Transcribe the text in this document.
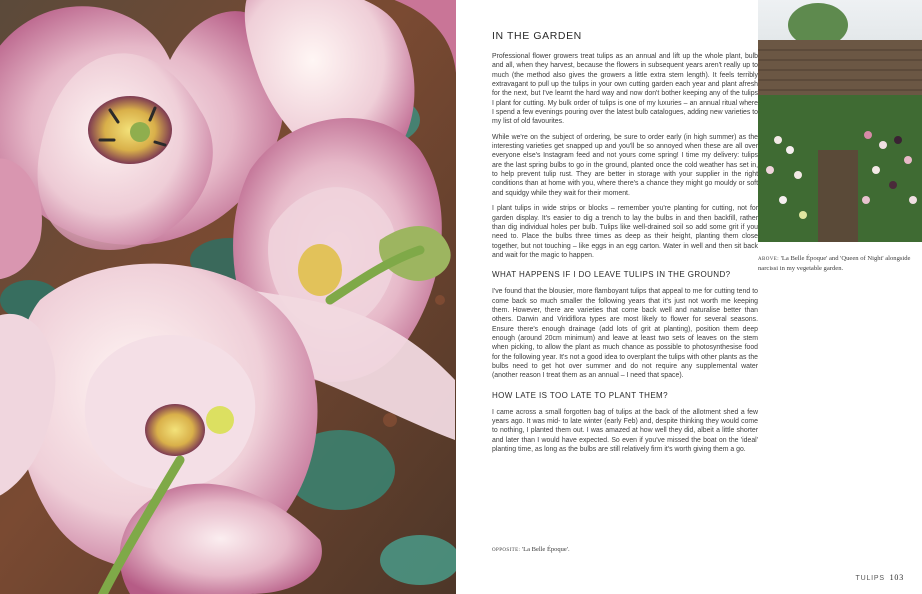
IN THE GARDEN

Professional flower growers treat tulips as an annual and lift up the whole plant, bulb and all, when they harvest, because the flowers in subsequent years aren't really up to much (the method also gives the growers a little extra stem length). It feels terribly extravagant to pull up the tulips in your own cutting garden each year and plant afresh for the next, but I've learnt the hard way and now don't bother keeping any of the tulips I plant for cutting. My bulk order of tulips is one of my luxuries – an annual ritual where I spend a few evenings pouring over the latest bulb catalogues, adding new varieties to my list of old favourites.

While we're on the subject of ordering, be sure to order early (in high summer) as the interesting varieties get snapped up and you'll be so annoyed when these are all over everyone else's Instagram feed and not yours come spring! I time my delivery: tulips are the last spring bulbs to go in the ground, planted once the cold weather has set in, to help prevent tulip rust. They are better in storage with your supplier in the right conditions than at home with you, where there's a chance they might go mouldy or soft and squidgy while they wait for their moment.

I plant tulips in wide strips or blocks – remember you're planting for cutting, not for garden display. It's easier to dig a trench to lay the bulbs in and then backfill, rather than dig individual holes per bulb. Tulips like well-drained soil so add some grit if you need to. Place the bulbs three times as deep as their height, planting them close together, but not touching – like eggs in an egg carton. Water in well and then sit back and wait for the magic to happen.

WHAT HAPPENS IF I DO LEAVE TULIPS IN THE GROUND?

I've found that the blousier, more flamboyant tulips that appeal to me for cutting tend to come back so much smaller the following years that it's just not worth me keeping them. However, there are varieties that come back well and naturalise better than others. Darwin and Viridiflora types are most likely to flower for several seasons. Ensure there's enough drainage (add lots of grit at planting), position them deep enough (around 20cm minimum) and leave at least two sets of leaves on the stem when picking, to allow the plant as much chance as possible to photosynthesise food for the following year. It's not a good idea to overplant the tulips with other plants as the bulbs need to get hot over summer and do not require any supplemental water (another reason I treat them as an annual – I need that space).

HOW LATE IS TOO LATE TO PLANT THEM?

I came across a small forgotten bag of tulips at the back of the allotment shed a few years ago. It was mid- to late winter (early Feb) and, despite thinking they would come to nothing, I planted them out. I was amazed at how well they did, albeit a little shorter and later than I would have expected. So even if you've missed the boat on the 'ideal' planting time, as long as the bulbs are still relatively firm it's worth giving them a go.

OPPOSITE: 'La Belle Époque'.
ABOVE: 'La Belle Époque' and 'Queen of Night' alongside narcissi in my vegetable garden.
TULIPS 103
